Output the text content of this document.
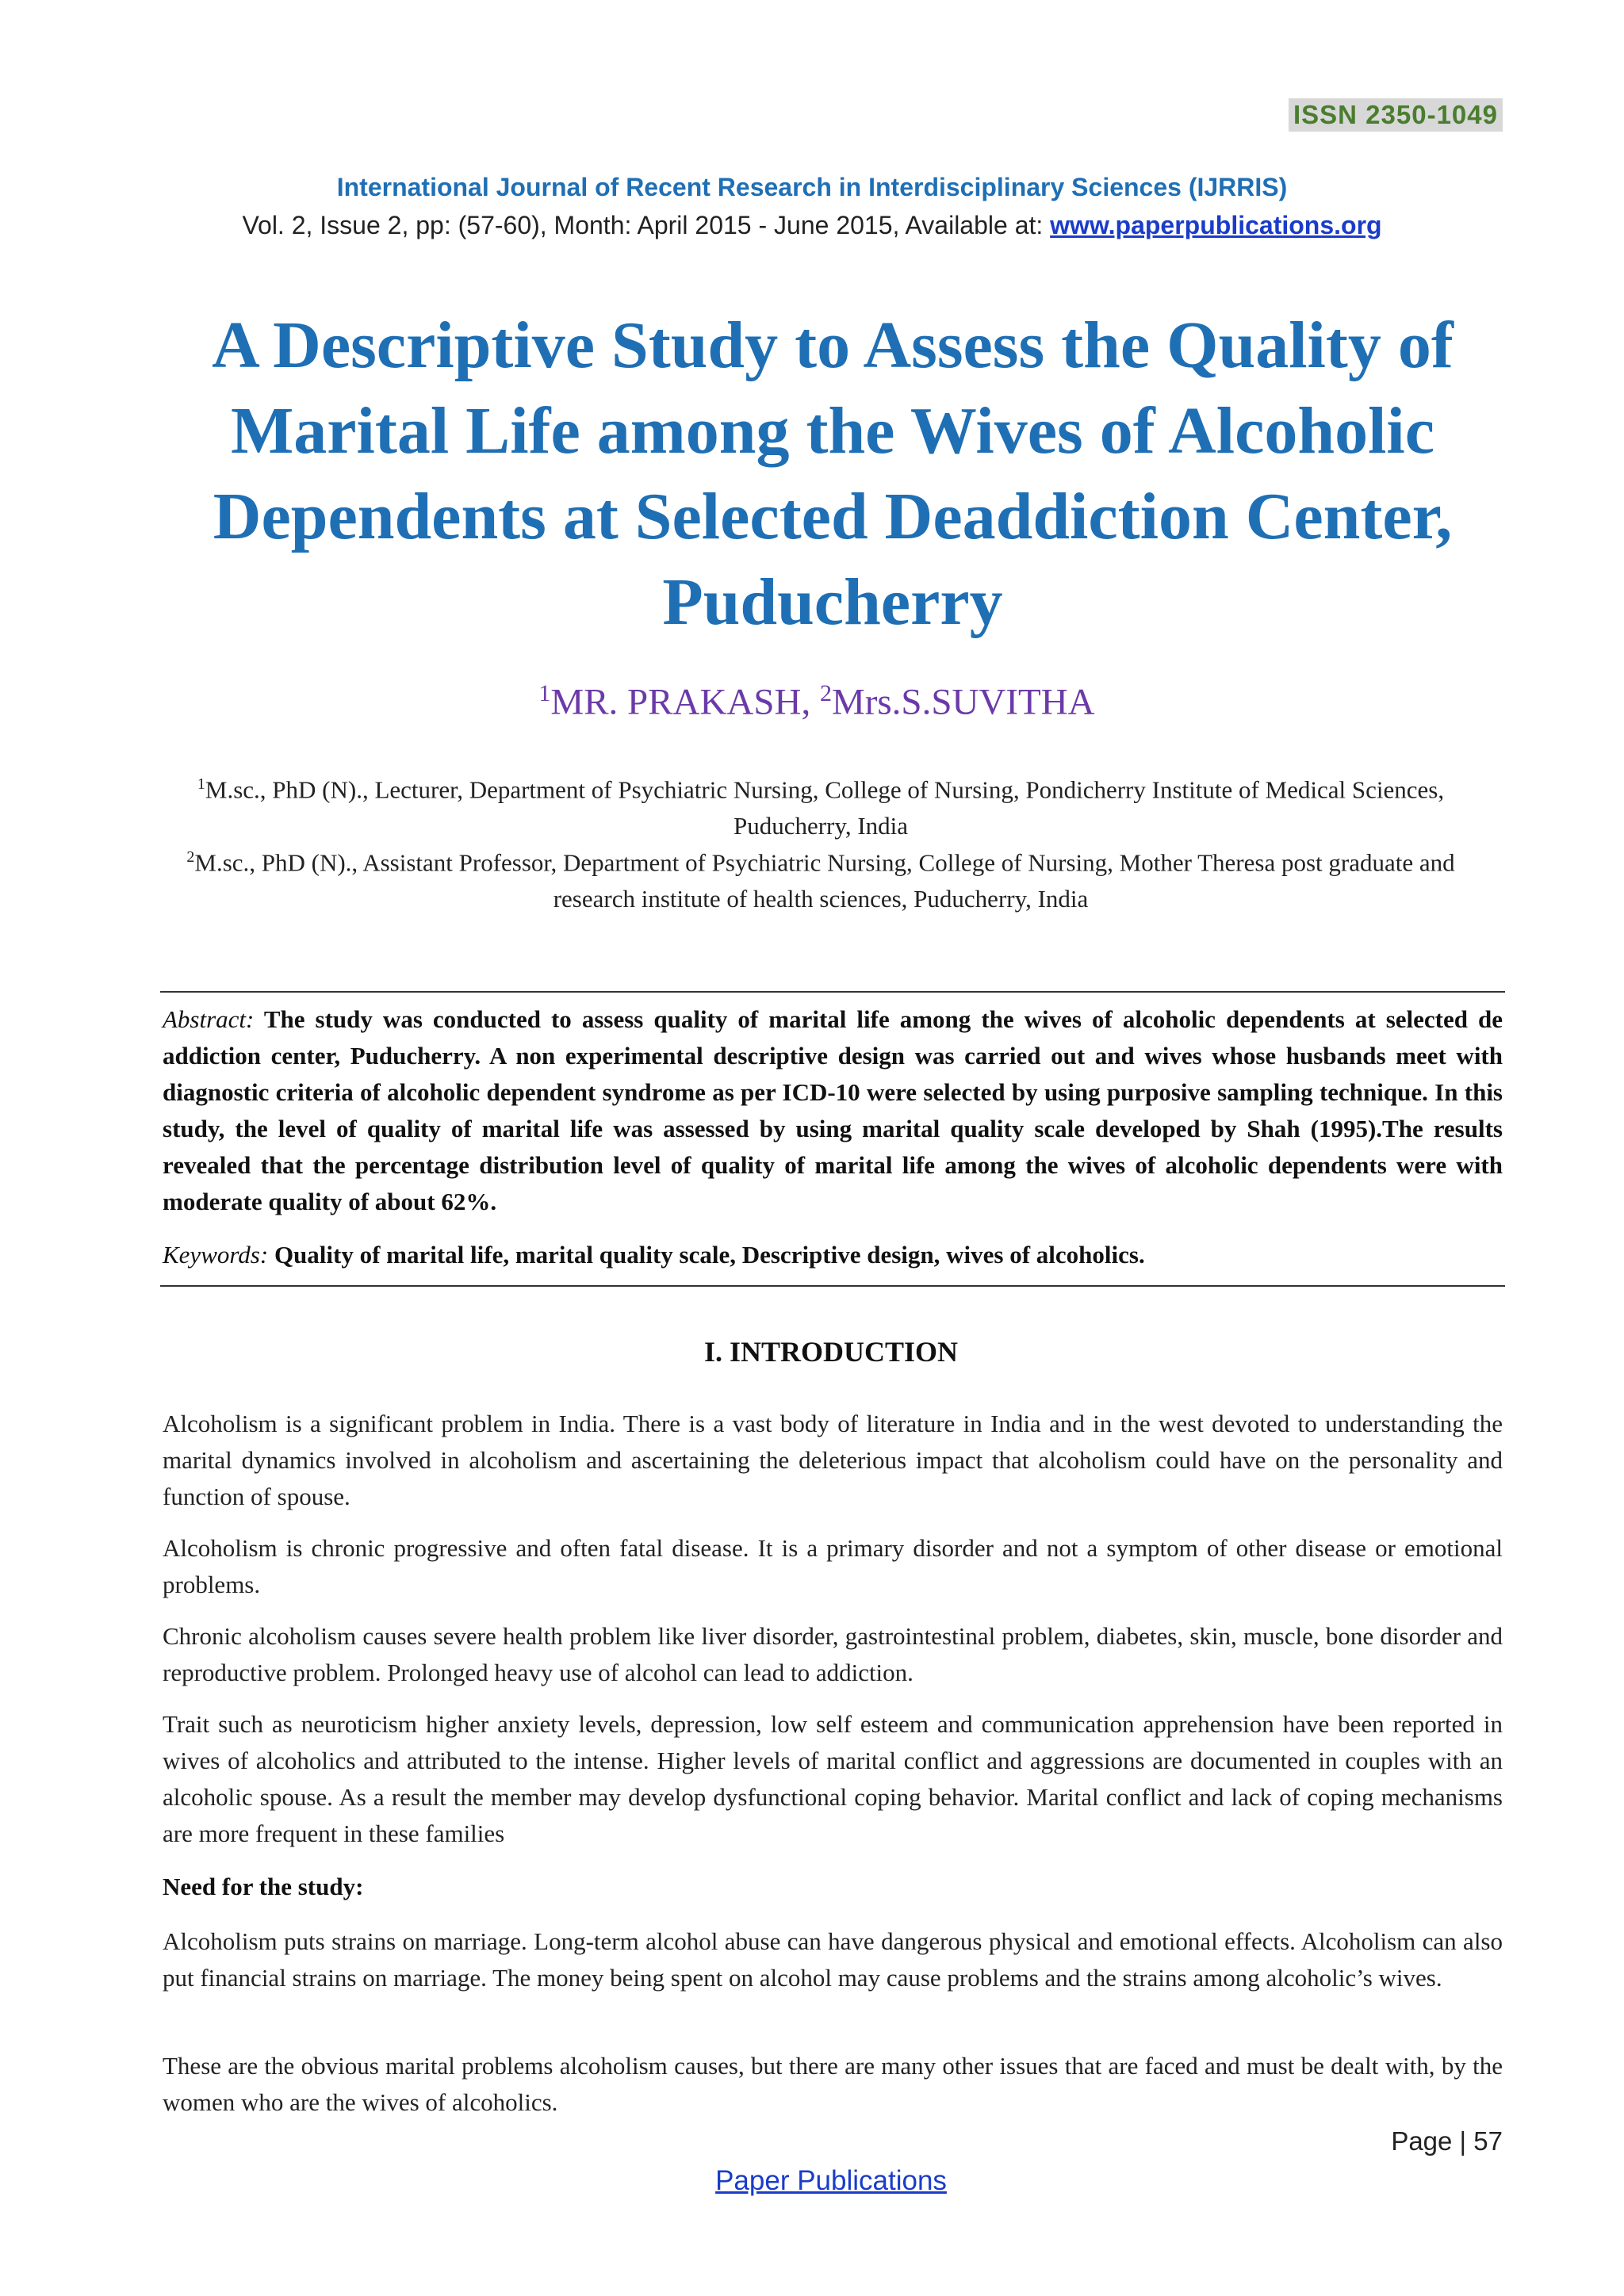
ISSN 2350-1049
International Journal of Recent Research in Interdisciplinary Sciences (IJRRIS)
Vol. 2, Issue 2, pp: (57-60), Month: April 2015 - June 2015, Available at: www.paperpublications.org
A Descriptive Study to Assess the Quality of Marital Life among the Wives of Alcoholic Dependents at Selected Deaddiction Center, Puducherry
$^1$MR. PRAKASH, $^2$Mrs.S.SUVITHA
$^1$M.sc., PhD (N)., Lecturer, Department of Psychiatric Nursing, College of Nursing, Pondicherry Institute of Medical Sciences, Puducherry, India
$^2$M.sc., PhD (N)., Assistant Professor, Department of Psychiatric Nursing, College of Nursing, Mother Theresa post graduate and research institute of health sciences, Puducherry, India
Abstract: The study was conducted to assess quality of marital life among the wives of alcoholic dependents at selected de addiction center, Puducherry. A non experimental descriptive design was carried out and wives whose husbands meet with diagnostic criteria of alcoholic dependent syndrome as per ICD-10 were selected by using purposive sampling technique. In this study, the level of quality of marital life was assessed by using marital quality scale developed by Shah (1995).The results revealed that the percentage distribution level of quality of marital life among the wives of alcoholic dependents were with moderate quality of about 62%.
Keywords: Quality of marital life, marital quality scale, Descriptive design, wives of alcoholics.
I. INTRODUCTION
Alcoholism is a significant problem in India. There is a vast body of literature in India and in the west devoted to understanding the marital dynamics involved in alcoholism and ascertaining the deleterious impact that alcoholism could have on the personality and function of spouse.
Alcoholism is chronic progressive and often fatal disease. It is a primary disorder and not a symptom of other disease or emotional problems.
Chronic alcoholism causes severe health problem like liver disorder, gastrointestinal problem, diabetes, skin, muscle, bone disorder and reproductive problem. Prolonged heavy use of alcohol can lead to addiction.
Trait such as neuroticism higher anxiety levels, depression, low self esteem and communication apprehension have been reported in wives of alcoholics and attributed to the intense. Higher levels of marital conflict and aggressions are documented in couples with an alcoholic spouse. As a result the member may develop dysfunctional coping behavior. Marital conflict and lack of coping mechanisms are more frequent in these families
Need for the study:
Alcoholism puts strains on marriage. Long-term alcohol abuse can have dangerous physical and emotional effects. Alcoholism can also put financial strains on marriage. The money being spent on alcohol may cause problems and the strains among alcoholic’s wives.
These are the obvious marital problems alcoholism causes, but there are many other issues that are faced and must be dealt with, by the women who are the wives of alcoholics.
Page | 57
Paper Publications
